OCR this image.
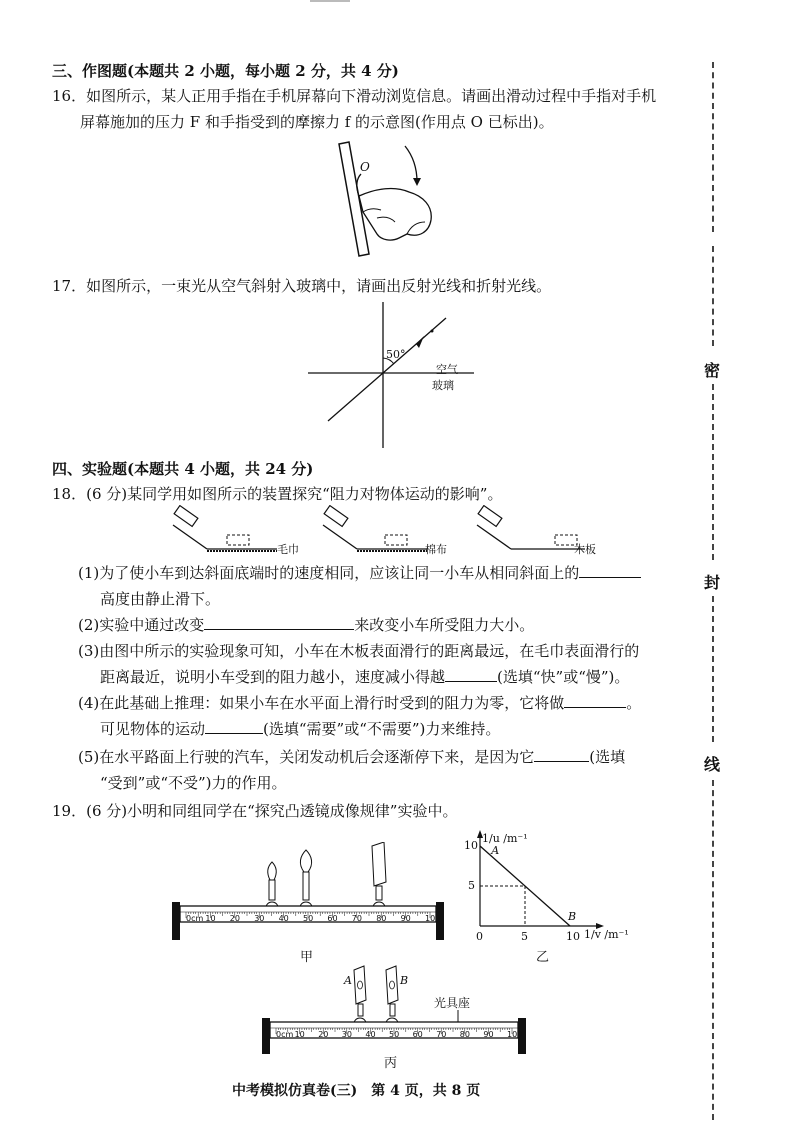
三、作图题(本题共 2 小题，每小题 2 分，共 4 分)
16．如图所示，某人正用手指在手机屏幕向下滑动浏览信息。请画出滑动过程中手指对手机
屏幕施加的压力 F 和手指受到的摩擦力 f 的示意图(作用点 O 已标出)。
O
17．如图所示，一束光从空气斜射入玻璃中，请画出反射光线和折射光线。
50°
空气
玻璃
四、实验题(本题共 4 小题，共 24 分)
18．(6 分)某同学用如图所示的装置探究“阻力对物体运动的影响”。
毛巾	棉布	木板
(1)为了使小车到达斜面底端时的速度相同，应该让同一小车从相同斜面上的
高度由静止滑下。
(2)实验中通过改变	来改变小车所受阻力大小。
(3)由图中所示的实验现象可知，小车在木板表面滑行的距离最远，在毛巾表面滑行的
距离最近，说明小车受到的阻力越小，速度减小得越	(选填“快”或“慢”)。
(4)在此基础上推理：如果小车在水平面上滑行时受到的阻力为零，它将做	。
可见物体的运动	(选填“需要”或“不需要”)力来维持。
(5)在水平路面上行驶的汽车，关闭发动机后会逐渐停下来，是因为它	(选填
“受到”或“不受”)力的作用。
19．(6 分)小明和同组同学在“探究凸透镜成像规律”实验中。
0cm 10 20 30 40 50 60 70 80 90 100
甲
1/u /m⁻¹
1/v /m⁻¹
10
5
0	5	10
A
B
乙
0cm 10 20 30 40 50 60 70 80 90 100
A	B
光具座
丙
中考模拟仿真卷(三)　第 4 页，共 8 页
密
封
线
